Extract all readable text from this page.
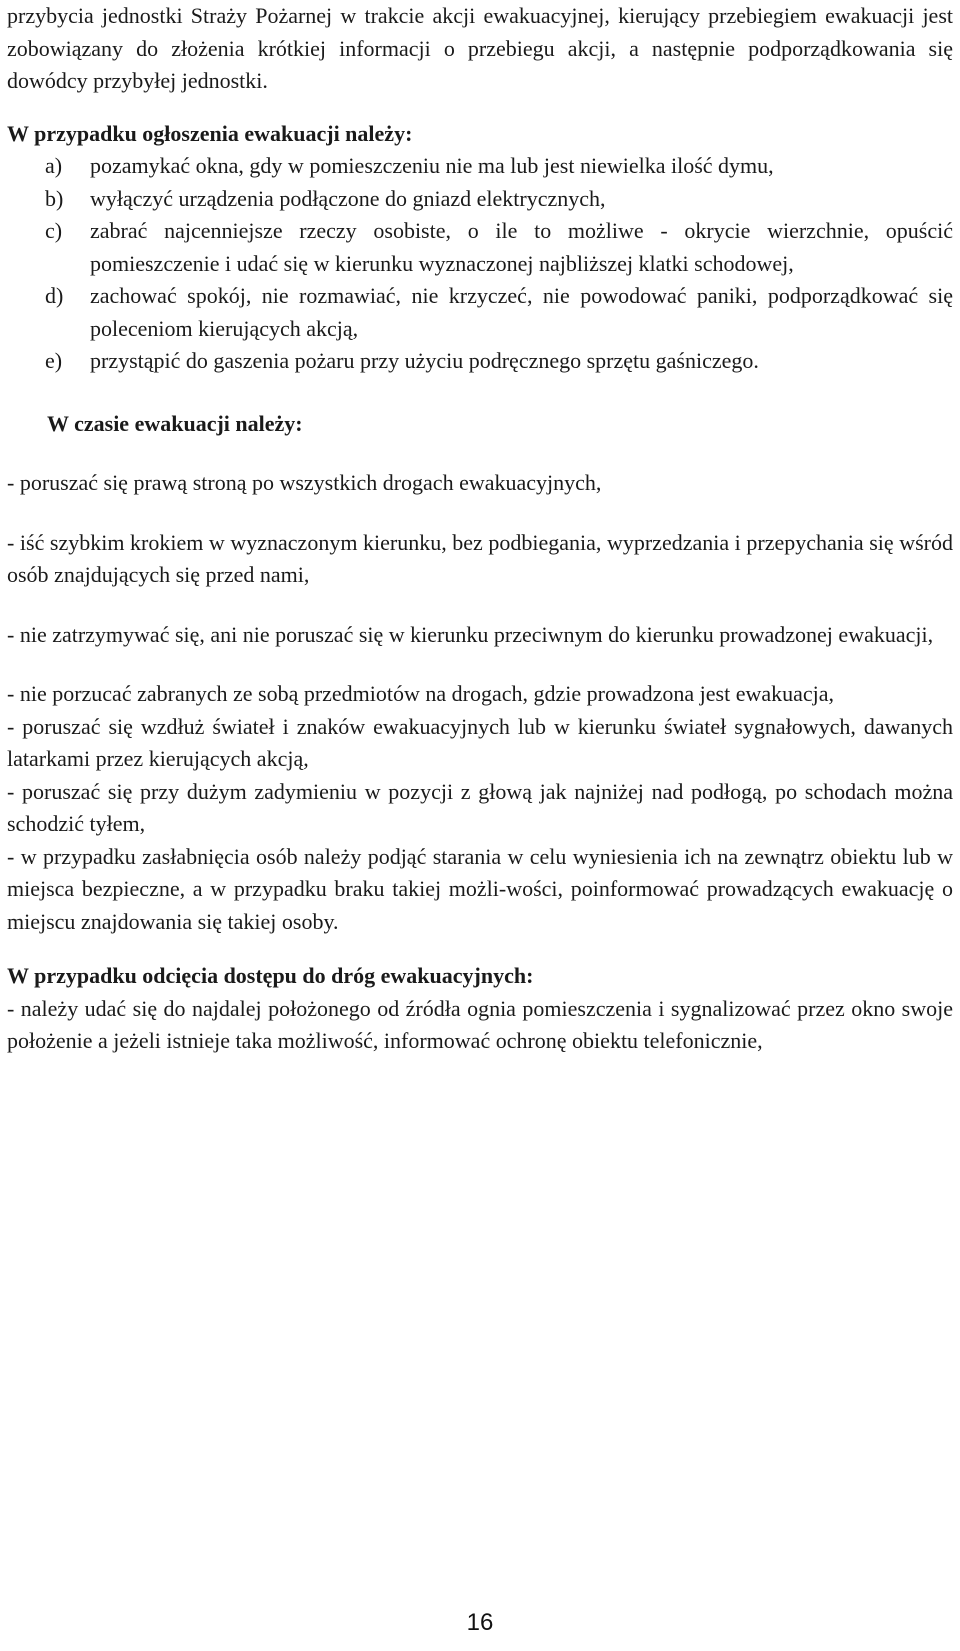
przybycia jednostki Straży Pożarnej w trakcie akcji ewakuacyjnej, kierujący przebiegiem ewakuacji jest zobowiązany do złożenia krótkiej informacji o przebiegu akcji, a następnie podporządkowania się dowódcy przybyłej jednostki.

W przypadku ogłoszenia ewakuacji należy:

a) pozamykać okna, gdy w pomieszczeniu nie ma lub jest niewielka ilość dymu,
b) wyłączyć urządzenia podłączone do gniazd elektrycznych,
c) zabrać najcenniejsze rzeczy osobiste, o ile to możliwe - okrycie wierzchnie, opuścić pomieszczenie i udać się w kierunku wyznaczonej najbliższej klatki schodowej,
d) zachować spokój, nie rozmawiać, nie krzyczeć, nie powodować paniki, podporządkować się poleceniom kierujących akcją,
e) przystąpić do gaszenia pożaru przy użyciu podręcznego sprzętu gaśniczego.

W czasie ewakuacji należy:

- poruszać się prawą stroną po wszystkich drogach ewakuacyjnych,

- iść szybkim krokiem w wyznaczonym kierunku, bez podbiegania, wyprzedzania i przepychania się wśród osób znajdujących się przed nami,

- nie zatrzymywać się, ani nie poruszać się w kierunku przeciwnym do kierunku prowadzonej ewakuacji,

- nie porzucać zabranych ze sobą przedmiotów na drogach, gdzie prowadzona jest ewakuacja,

- poruszać się wzdłuż świateł i znaków ewakuacyjnych lub w kierunku świateł sygnałowych, dawanych latarkami przez kierujących akcją,

- poruszać się przy dużym zadymieniu w pozycji z głową jak najniżej nad podłogą, po schodach można schodzić tyłem,

- w przypadku zasłabnięcia osób należy podjąć starania w celu wyniesienia ich na zewnątrz obiektu lub w miejsca bezpieczne, a w przypadku braku takiej możli-wości, poinformować prowadzących ewakuację o miejscu znajdowania się takiej osoby.

W przypadku odcięcia dostępu do dróg ewakuacyjnych:

- należy udać się do najdalej położonego od źródła ognia pomieszczenia i sygnalizować przez okno swoje położenie a jeżeli istnieje taka możliwość, informować ochronę obiektu telefonicznie,

16
